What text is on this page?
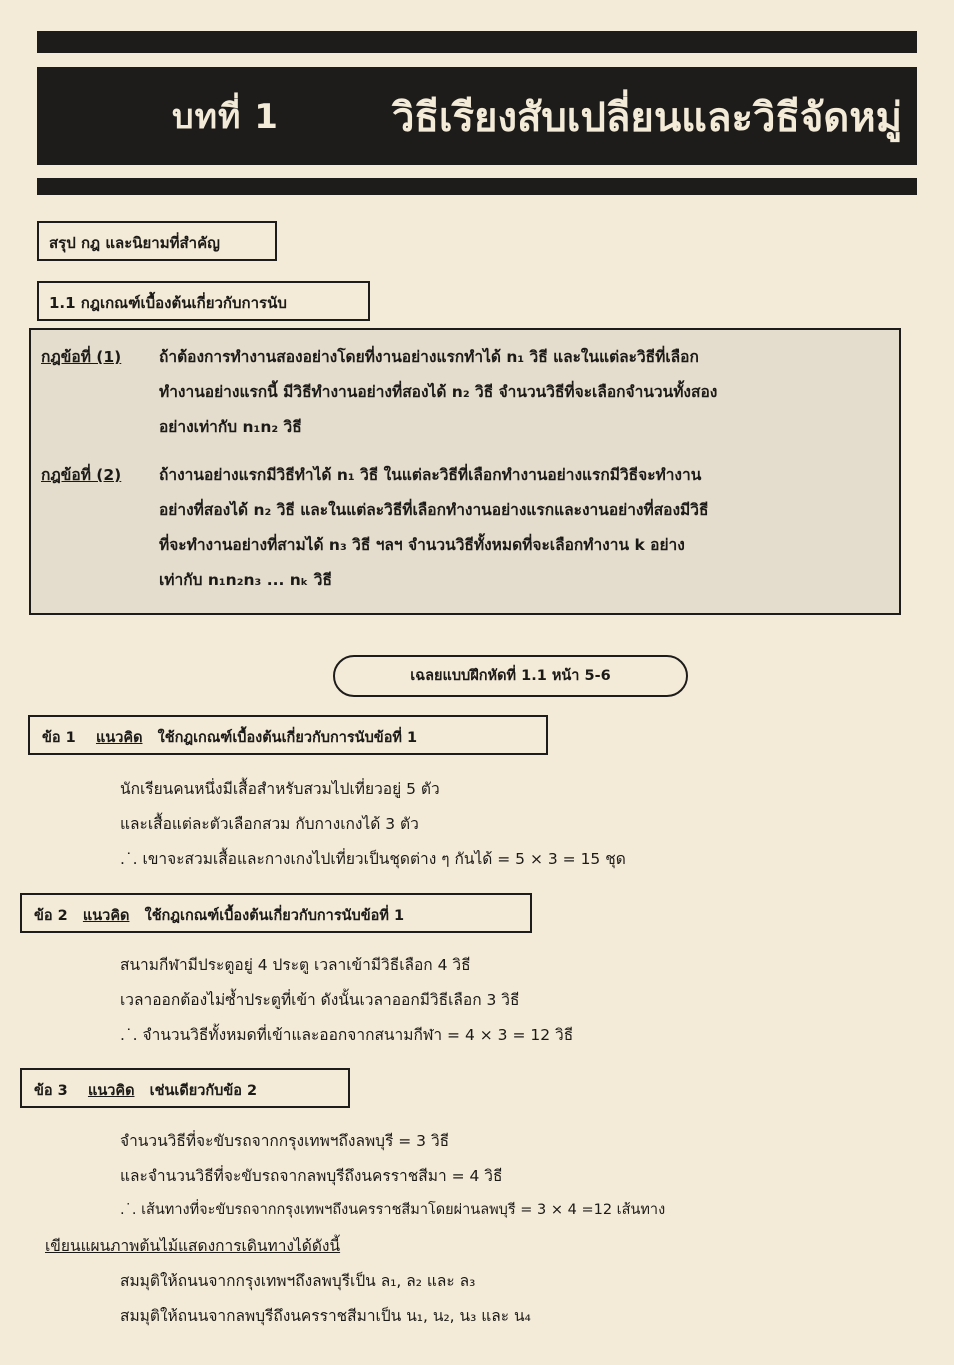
บทที่ 1	วิธีเรียงสับเปลี่ยนและวิธีจัดหมู่
สรุป กฎ และนิยามที่สำคัญ
1.1 กฎเกณฑ์เบื้องต้นเกี่ยวกับการนับ
กฎข้อที่ (1) ถ้าต้องการทำงานสองอย่างโดยที่งานอย่างแรกทำได้ n₁ วิธี และในแต่ละวิธีที่เลือก
ทำงานอย่างแรกนี้ มีวิธีทำงานอย่างที่สองได้ n₂ วิธี จำนวนวิธีที่จะเลือกจำนวนทั้งสอง
อย่างเท่ากับ n₁n₂ วิธี
กฎข้อที่ (2) ถ้างานอย่างแรกมีวิธีทำได้ n₁ วิธี ในแต่ละวิธีที่เลือกทำงานอย่างแรกมีวิธีจะทำงาน
อย่างที่สองได้ n₂ วิธี และในแต่ละวิธีที่เลือกทำงานอย่างแรกและงานอย่างที่สองมีวิธี
ที่จะทำงานอย่างที่สามได้ n₃ วิธี ฯลฯ จำนวนวิธีทั้งหมดที่จะเลือกทำงาน k อย่าง
เท่ากับ n₁n₂n₃ ... nₖ วิธี
เฉลยแบบฝึกหัดที่ 1.1 หน้า 5-6
ข้อ 1 แนวคิด ใช้กฎเกณฑ์เบื้องต้นเกี่ยวกับการนับข้อที่ 1
นักเรียนคนหนึ่งมีเสื้อสำหรับสวมไปเที่ยวอยู่ 5 ตัว
และเสื้อแต่ละตัวเลือกสวม กับกางเกงได้ 3 ตัว
.˙. เขาจะสวมเสื้อและกางเกงไปเที่ยวเป็นชุดต่าง ๆ กันได้ = 5 × 3 = 15 ชุด
ข้อ 2 แนวคิด ใช้กฎเกณฑ์เบื้องต้นเกี่ยวกับการนับข้อที่ 1
สนามกีฬามีประตูอยู่ 4 ประตู เวลาเข้ามีวิธีเลือก 4 วิธี
เวลาออกต้องไม่ซ้ำประตูที่เข้า ดังนั้นเวลาออกมีวิธีเลือก 3 วิธี
.˙. จำนวนวิธีทั้งหมดที่เข้าและออกจากสนามกีฬา = 4 × 3 = 12 วิธี
ข้อ 3 แนวคิด เช่นเดียวกับข้อ 2
จำนวนวิธีที่จะขับรถจากกรุงเทพฯถึงลพบุรี = 3 วิธี
และจำนวนวิธีที่จะขับรถจากลพบุรีถึงนครราชสีมา = 4 วิธี
.˙. เส้นทางที่จะขับรถจากกรุงเทพฯถึงนครราชสีมาโดยผ่านลพบุรี = 3 × 4 =12 เส้นทาง
เขียนแผนภาพต้นไม้แสดงการเดินทางได้ดังนี้
สมมุติให้ถนนจากกรุงเทพฯถึงลพบุรีเป็น ล₁, ล₂ และ ล₃
สมมุติให้ถนนจากลพบุรีถึงนครราชสีมาเป็น น₁, น₂, น₃ และ น₄
